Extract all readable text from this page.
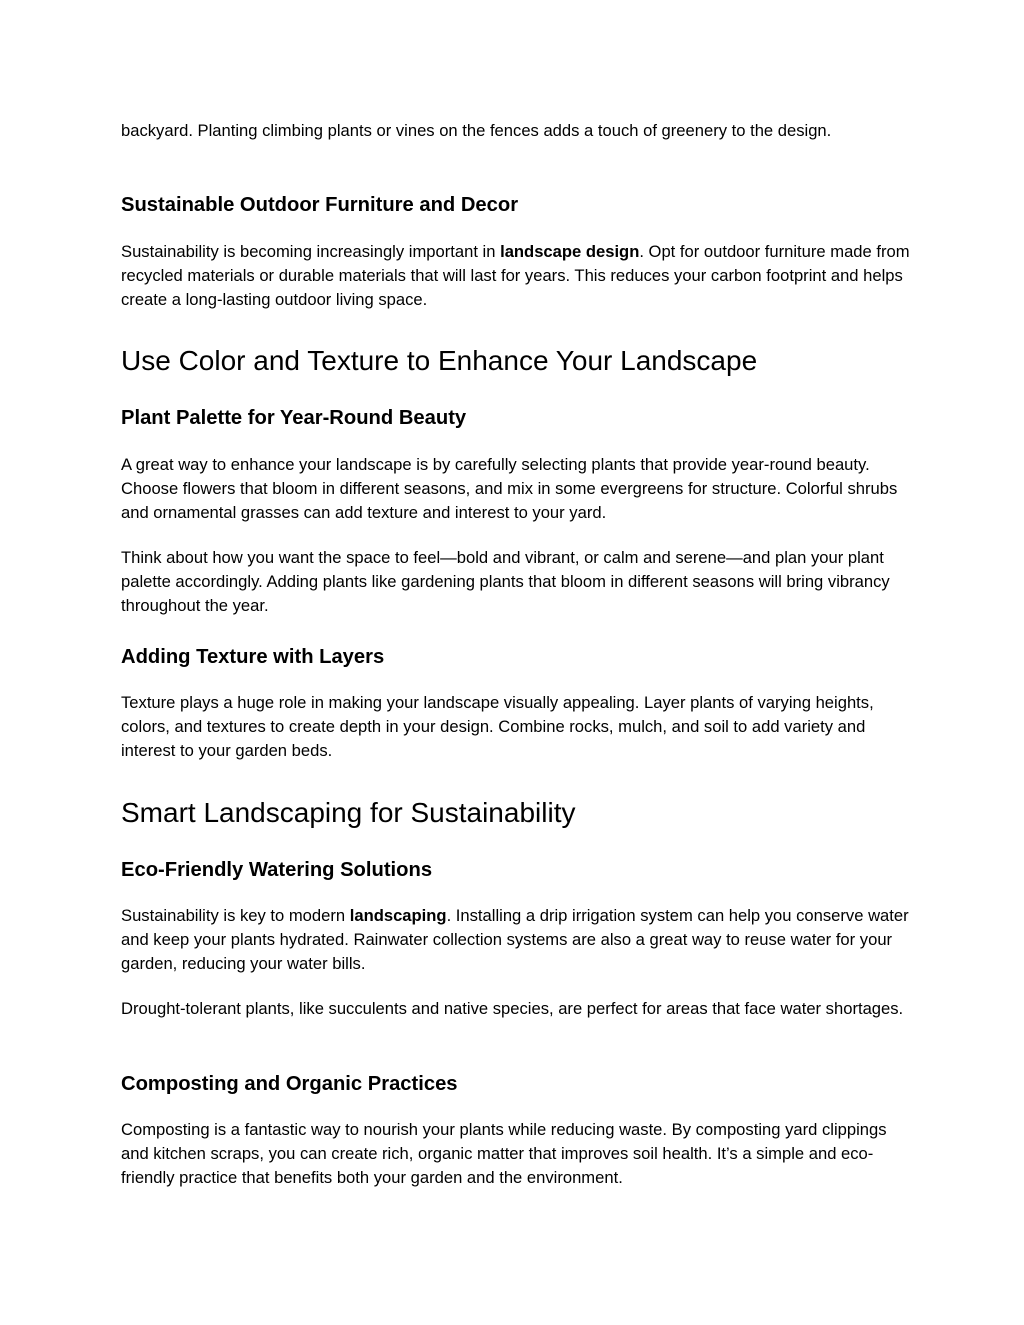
backyard. Planting climbing plants or vines on the fences adds a touch of greenery to the design.

Sustainable Outdoor Furniture and Decor

Sustainability is becoming increasingly important in landscape design. Opt for outdoor furniture made from recycled materials or durable materials that will last for years. This reduces your carbon footprint and helps create a long-lasting outdoor living space.

Use Color and Texture to Enhance Your Landscape
Plant Palette for Year-Round Beauty

A great way to enhance your landscape is by carefully selecting plants that provide year-round beauty. Choose flowers that bloom in different seasons, and mix in some evergreens for structure. Colorful shrubs and ornamental grasses can add texture and interest to your yard.

Think about how you want the space to feel—bold and vibrant, or calm and serene—and plan your plant palette accordingly. Adding plants like gardening plants that bloom in different seasons will bring vibrancy throughout the year.

Adding Texture with Layers

Texture plays a huge role in making your landscape visually appealing. Layer plants of varying heights, colors, and textures to create depth in your design. Combine rocks, mulch, and soil to add variety and interest to your garden beds.

Smart Landscaping for Sustainability
Eco-Friendly Watering Solutions

Sustainability is key to modern landscaping. Installing a drip irrigation system can help you conserve water and keep your plants hydrated. Rainwater collection systems are also a great way to reuse water for your garden, reducing your water bills.

Drought-tolerant plants, like succulents and native species, are perfect for areas that face water shortages.

Composting and Organic Practices

Composting is a fantastic way to nourish your plants while reducing waste. By composting yard clippings and kitchen scraps, you can create rich, organic matter that improves soil health. It’s a simple and eco-friendly practice that benefits both your garden and the environment.
